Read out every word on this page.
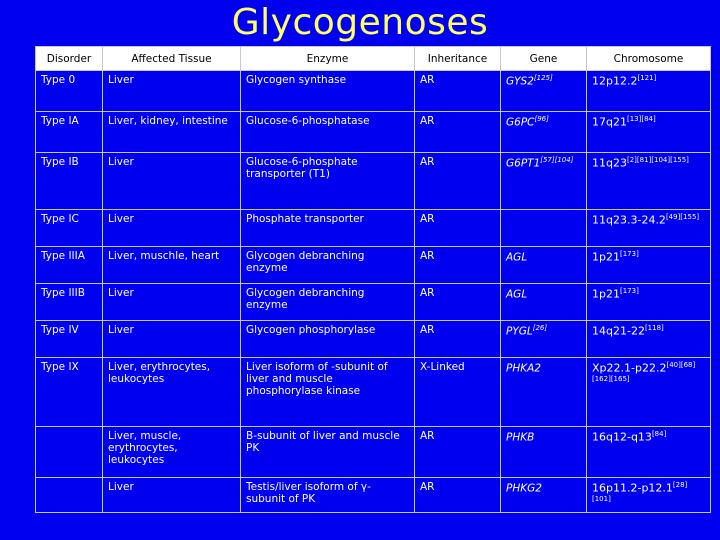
Glycogenoses
Disorder	Affected Tissue	Enzyme	Inheritance	Gene	Chromosome
Type 0	Liver	Glycogen synthase	AR	GYS2[125]	12p12.2[121]
Type IA	Liver, kidney, intestine	Glucose-6-phosphatase	AR	G6PC[96]	17q21[13][84]
Type IB	Liver	Glucose-6-phosphate transporter (T1)	AR	G6PT1[57][104]	11q23[2][81][104][155]
Type IC	Liver	Phosphate transporter	AR		11q23.3-24.2[49][155]
Type IIIA	Liver, muschle, heart	Glycogen debranching enzyme	AR	AGL	1p21[173]
Type IIIB	Liver	Glycogen debranching enzyme	AR	AGL	1p21[173]
Type IV	Liver	Glycogen phosphorylase	AR	PYGL[26]	14q21-22[118]
Type IX	Liver, erythrocytes, leukocytes	Liver isoform of -subunit of liver and muscle phosphorylase kinase	X-Linked	PHKA2	Xp22.1-p22.2[40][68][162][165]
	Liver, muscle, erythrocytes, leukocytes	B-subunit of liver and muscle PK	AR	PHKB	16q12-q13[84]
	Liver	Testis/liver isoform of γ-subunit of PK	AR	PHKG2	16p11.2-p12.1[28][101]
